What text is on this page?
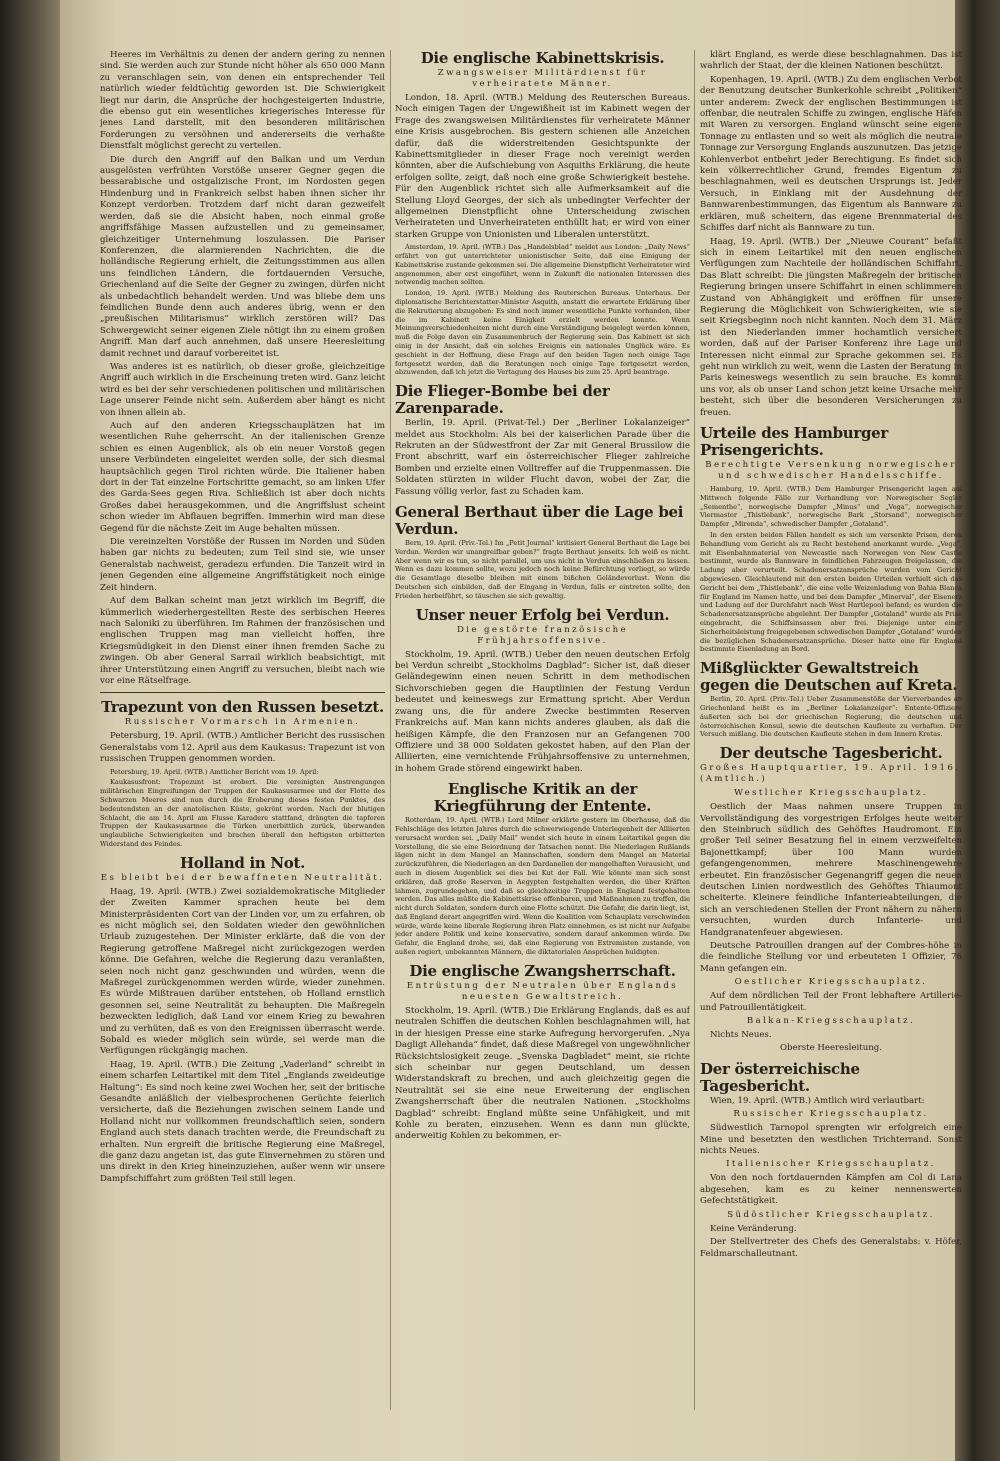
Heeres im Verhältnis zu denen der andern gering zu nennen sind. Sie werden auch zur Stunde nicht höher als 650 000 Mann zu veranschlagen sein, von denen ein entsprechender Teil natürlich wieder feldtüchtig geworden ist. Die Schwierigkeit liegt nur darin, die Ansprüche der hochgesteigerten Industrie, die ebenso gut ein wesentliches kriegerisches Interesse für jenes Land darstellt, mit den besonderen militärischen Forderungen zu versöhnen und andererseits die verhaßte Dienstfalt möglichst gerecht zu verteilen.

Die durch den Angriff auf den Balkan und um Verdun ausgelösten verfrühten Vorstöße unserer Gegner gegen die bessarabische und ostgalizische Front, im Nordosten gegen Hindenburg und in Frankreich selbst haben ihnen sicher ihr Konzept verdorben. Trotzdem darf nicht daran gezweifelt werden, daß sie die Absicht haben, noch einmal große angriffsfähige Massen aufzustellen und zu gemeinsamer, gleichzeitiger Unternehmung loszulassen. Die Pariser Konferenzen, die alarmierenden Nachrichten, die die holländische Regierung erhielt, die Zeitungsstimmen aus allen uns feindlichen Ländern, die fortdauernden Versuche, Griechenland auf die Seite der Gegner zu zwingen, dürfen nicht als unbedachtlich behandelt werden. Und was bliebe dem uns feindlichen Bunde denn auch anderes übrig, wenn er den „preußischen Militarismus“ wirklich zerstören will? Das Schwergewicht seiner eigenen Ziele nötigt ihn zu einem großen Angriff. Man darf auch annehmen, daß unsere Heeresleitung damit rechnet und darauf vorbereitet ist.

Was anderes ist es natürlich, ob dieser große, gleichzeitige Angriff auch wirklich in die Erscheinung treten wird. Ganz leicht wird es bei der sehr verschiedenen politischen und militärischen Lage unserer Feinde nicht sein. Außerdem aber hängt es nicht von ihnen allein ab.

Auch auf den anderen Kriegsschauplätzen hat im wesentlichen Ruhe geherrscht. An der italienischen Grenze schien es einen Augenblick, als ob ein neuer Vorstoß gegen unsere Verbündeten eingeleitet werden solle, der sich diesmal hauptsächlich gegen Tirol richten würde. Die Italiener haben dort in der Tat einzelne Fortschritte gemacht, so am linken Ufer des Garda-Sees gegen Riva. Schließlich ist aber doch nichts Großes dabei herausgekommen, und die Angriffslust scheint schon wieder im Abflauen begriffen. Immerhin wird man diese Gegend für die nächste Zeit im Auge behalten müssen.

Die vereinzelten Vorstöße der Russen im Norden und Süden haben gar nichts zu bedeuten; zum Teil sind sie, wie unser Generalstab nachweist, geradezu erfunden. Die Tanzeit wird in jenen Gegenden eine allgemeine Angriffstätigkeit noch einige Zeit hindern.

Auf dem Balkan scheint man jetzt wirklich im Begriff, die kümmerlich wiederhergestellten Reste des serbischen Heeres nach Saloniki zu überführen. Im Rahmen der französischen und englischen Truppen mag man vielleicht hoffen, ihre Kriegsmüdigkeit in den Dienst einer ihnen fremden Sache zu zwingen. Ob aber General Sarrail wirklich beabsichtigt, mit ihrer Unterstützung einen Angriff zu versuchen, bleibt nach wie vor eine Rätselfrage.

Trapezunt von den Russen besetzt.
Russischer Vormarsch in Armenien.

Petersburg, 19. April. (WTB.) Amtlicher Bericht des russischen Generalstabs vom 12. April aus dem Kaukasus: Trapezunt ist von russischen Truppen genommen worden.

Petersburg, 19. April. (WTB.) Amtlicher Bericht vom 19. April:

Kaukasusfront: Trapezunt ist erobert. Die vereinigten Anstrengungen militärischen Eingreifungen der Truppen der Kaukasusarmee und der Flotte des Schwarzen Meeres sind nun durch die Eroberung dieses festen Punktes, des bedeutendsten an der anatolischen Küste, gekrönt worden. Nach der blutigen Schlacht, die am 14. April am Flusse Karadere stattfand, drängten die tapferen Truppen der Kaukasusarmee die Türken unerbittlich zurück, überwanden unglaubliche Schwierigkeiten und brachen überall den heftigsten erbitterten Widerstand des Feindes.

Holland in Not.
Es bleibt bei der bewaffneten Neutralität.

Haag, 19. April. (WTB.) Zwei sozialdemokratische Mitglieder der Zweiten Kammer sprachen heute bei dem Ministerpräsidenten Cort van der Linden vor, um zu erfahren, ob es nicht möglich sei, den Soldaten wieder den gewöhnlichen Urlaub zuzugestehen. Der Minister erklärte, daß die von der Regierung getroffene Maßregel nicht zurückgezogen werden könne. Die Gefahren, welche die Regierung dazu veranlaßten, seien noch nicht ganz geschwunden und würden, wenn die Maßregel zurückgenommen werden würde, wieder zunehmen. Es würde Mißtrauen darüber entstehen, ob Holland ernstlich gesonnen sei, seine Neutralität zu behaupten. Die Maßregeln bezweckten lediglich, daß Land vor einem Krieg zu bewahren und zu verhüten, daß es von den Ereignissen überrascht werde. Sobald es wieder möglich sein würde, sei werde man die Verfügungen rückgängig machen.

Haag, 19. April. (WTB.) Die Zeitung „Vaderland“ schreibt in einem scharfen Leitartikel mit dem Titel „Englands zweideutige Haltung“: Es sind noch keine zwei Wochen her, seit der britische Gesandte anläßlich der vielbesprochenen Gerüchte feierlich versicherte, daß die Beziehungen zwischen seinem Lande und Holland nicht nur vollkommen freundschaftlich seien, sondern England auch stets danach trachten werde, die Freundschaft zu erhalten. Nun ergreift die britische Regierung eine Maßregel, die ganz dazu angetan ist, das gute Einvernehmen zu stören und uns direkt in den Krieg hineinzuziehen, außer wenn wir unsere Dampfschiffahrt zum größten Teil still legen.

Die englische Kabinettskrisis.
Zwangsweiser Militärdienst für verheiratete Männer.

London, 18. April. (WTB.) Meldung des Reuterschen Bureaus. Noch einigen Tagen der Ungewißheit ist im Kabinett wegen der Frage des zwangsweisen Militärdienstes für verheiratete Männer eine Krisis ausgebrochen. Bis gestern schienen alle Anzeichen dafür, daß die widerstreitenden Gesichtspunkte der Kabinettsmitglieder in dieser Frage noch vereinigt werden könnten, aber die Aufschiebung von Asquiths Erklärung, die heute erfolgen sollte, zeigt, daß noch eine große Schwierigkeit bestehe. Für den Augenblick richtet sich alle Aufmerksamkeit auf die Stellung Lloyd Georges, der sich als unbedingter Verfechter der allgemeinen Dienstpflicht ohne Unterscheidung zwischen Verheirateten und Unverheirateten enthüllt hat; er wird von einer starken Gruppe von Unionisten und Liberalen unterstützt.

Amsterdam, 19. April. (WTB.) Das „Handelsblad“ meldet aus London: „Daily News“ erfährt von gut unterrichteter unionistischer Seite, daß eine Einigung der Kabinettskrise zustande gekommen sei. Die allgemeine Dienstpflicht Verheirateter wird angenommen, aber erst eingeführt, wenn in Zukunft die nationalen Interessen dies notwendig machen sollten.

London, 19. April. (WTB.) Meldung des Reuterschen Bureaus. Unterhaus. Der diplomatische Berichterstatter-Minister Asquith, anstatt die erwartete Erklärung über die Rekrutierung abzugeben: Es sind noch immer wesentliche Punkte vorhanden, über die im Kabinett keine Einigkeit erzielt werden konnte. Wenn Meinungsverschiedenheiten nicht durch eine Verständigung beigelegt werden können, muß die Folge davon ein Zusammenbruch der Regierung sein. Das Kabinett ist sich einig in der Ansicht, daß ein solches Ereignis ein nationales Unglück wäre. Es geschieht in der Hoffnung, diese Frage auf den beiden Tagen noch einige Tage fortgesetzt werden, daß die Beratungen noch einige Tage fortgesetzt werden, abzuwenden, daß ich jetzt die Vertagung des Hauses bis zum 25. April beantrage.

Die Flieger-Bombe bei der Zarenparade.

Berlin, 19. April. (Privat-Tel.) Der „Berliner Lokalanzeiger“ meldet aus Stockholm: Als bei der kaiserlichen Parade über die Rekruten an der Südwestfront der Zar mit General Brussilow die Front abschritt, warf ein österreichischer Flieger zahlreiche Bomben und erzielte einen Volltreffer auf die Truppenmassen. Die Soldaten stürzten in wilder Flucht davon, wobei der Zar, die Fassung völlig verlor, fast zu Schaden kam.

General Berthaut über die Lage bei Verdun.

Bern, 19. April. (Priv.-Tel.) Im „Petit Journal“ kritisiert General Berthaut die Lage bei Verdun. Werden wir unangreifbar geben?“ fragte Berthaut jenseits. Ich weiß es nicht. Aber wenn wir es tun, so nicht parallel, um uns nicht in Verdun einschließen zu lassen. Wenn es dazu kommen sollte, wozu jedoch noch keine Befürchtung vorliegt, so würde die Gesamtlage dieselbe bleiben mit einem bißchen Geländeverlust. Wenn die Deutschen sich einbilden, daß der Eingang in Verdun, falls er eintreten sollte, den Frieden herbeiführt, so täuschen sie sich gewaltig.

Unser neuer Erfolg bei Verdun.
Die gestörte französische Frühjahrsoffensive.

Stockholm, 19. April. (WTB.) Ueber den neuen deutschen Erfolg bei Verdun schreibt „Stockholms Dagblad“: Sicher ist, daß dieser Geländegewinn einen neuen Schritt in dem methodischen Sichvorschieben gegen die Hauptlinien der Festung Verdun bedeutet und keineswegs zur Ermattung spricht. Aber Verdun zwang uns, die für andere Zwecke bestimmten Reserven Frankreichs auf. Man kann nichts anderes glauben, als daß die heißigen Kämpfe, die den Franzosen nur an Gefangenen 700 Offiziere und 38 000 Soldaten gekostet haben, auf den Plan der Alliierten, eine vernichtende Frühjahrsoffensive zu unternehmen, in hohem Grade störend eingewirkt haben.

Englische Kritik an der Kriegführung der Entente.

Rotterdam, 19. April. (WTB.) Lord Milner erklärte gestern im Oberhause, daß die Fehlschläge des letzten Jahres durch die schwerwiegende Unterlegenheit der Alliierten verursacht worden sei. „Daily Mail“ wendet sich heute in einem Leitartikel gegen die Vorstellung, die sie eine Beiordnung der Tatsachen nennt. Die Niederlagen Rußlands lägen nicht in dem Mangel an Mannschaften, sondern dem Mangel an Material zurückzuführen, die Niederlagen an den Dardanellen der mangelhaften Vorausicht, und auch in diesem Augenblick sei dies bei Kut der Fall. Wie könnte man sich sonst erklären, daß große Reserven in Aegypten festgehalten werden, die über Kräften lahmen, zugrundegehen, und daß so gleichzeitige Truppen in England festgehalten werden. Das alles müßte die Kabinettskrise offenbaren, und Maßnahmen zu treffen, die nicht durch Soldaten, sondern durch eine Flotte schützt. Die Gefahr, die darin liegt, ist, daß England derart angegriffen wird. Wenn die Koalition vom Schauplatz verschwinden würde, würde keine liberale Regierung ihren Platz einnehmen, es ist nicht nur Aufgabe jeder andere Politik und keine konservative, sondern darauf ankommen würde. Die Gefahr, die England drohe, sei, daß eine Regierung von Extremisten zustande, von außen regiert, unbekannten Männern, die diktatorialen Ansprüchen huldigten.

Die englische Zwangsherrschaft.
Entrüstung der Neutralen über Englands neuesten Gewaltstreich.

Stockholm, 19. April. (WTB.) Die Erklärung Englands, daß es auf neutralen Schiffen die deutschen Kohlen beschlagnahmen will, hat in der hiesigen Presse eine starke Aufregung hervorgerufen. „Nya Dagligt Allehanda“ findet, daß diese Maßregel von ungewöhnlicher Rücksichtslosigkeit zeuge. „Svenska Dagbladet“ meint, sie richte sich scheinbar nur gegen Deutschland, um dessen Widerstandskraft zu brechen, und auch gleichzeitig gegen die Neutralität sei sie eine neue Erweiterung der englischen Zwangsherrschaft über die neutralen Nationen. „Stockholms Dagblad“ schreibt: England müßte seine Unfähigkeit, und mit Kohle zu beraten, einzusehen. Wenn es dann nun glückte, anderweitig Kohlen zu bekommen, er-

klärt England, es werde diese beschlagnahmen. Das ist wahrlich der Staat, der die kleinen Nationen beschützt.

Kopenhagen, 19. April. (WTB.) Zu dem englischen Verbot der Benutzung deutscher Bunkerkohle schreibt „Politiken“ unter anderem: Zweck der englischen Bestimmungen ist offenbar, die neutralen Schiffe zu zwingen, englische Häfen mit Waren zu versorgen. England wünscht seine eigene Tonnage zu entlasten und so weit als möglich die neutrale Tonnage zur Versorgung Englands auszunutzen. Das jetzige Kohlenverbot entbehrt jeder Berechtigung. Es findet sich kein völkerrechtlicher Grund, fremdes Eigentum zu beschlagnahmen, weil es deutschen Ursprungs ist. Jeder Versuch, in Einklang mit der Ausdehnung der Bannwarenbestimmungen, das Eigentum als Bannware zu erklären, muß scheitern, das eigene Brennmaterial des Schiffes darf nicht als Bannware zu tun.

Haag, 19. April. (WTB.) Der „Nieuwe Courant“ befaßt sich in einem Leitartikel mit den neuen englischen Verfügungen zum Nachteile der holländischen Schiffahrt. Das Blatt schreibt: Die jüngsten Maßregeln der britischen Regierung bringen unsere Schiffahrt in einen schlimmeren Zustand von Abhängigkeit und eröffnen für unsere Regierung die Möglichkeit von Schwierigkeiten, wie sie seit Kriegsbeginn noch nicht kannten. Noch dem 31. März ist den Niederlanden immer hochamtlich versichert worden, daß auf der Pariser Konferenz ihre Lage und Interessen nicht einmal zur Sprache gekommen sei. Es geht nun wirklich zu weit, wenn die Lasten der Beratung in Paris keineswegs wesentlich zu sein brauche. Es kommt uns vor, als ob unser Land schon jetzt keine Ursache mehr besteht, sich über die besonderen Versicherungen zu freuen.

Urteile des Hamburger Prisengerichts.
Berechtigte Versenkung norwegischer und schwedischer Handelsschiffe.

Hamburg, 19. April. (WTB.) Dem Hamburger Prisengericht lagen am Mittwoch folgende Fälle zur Verhandlung vor: Norwegischer Segler „Sementhe“, norwegische Dampfer „Minus“ und „Vega“, norwegischer Viermaster „Thistlebank“, norwegische Bark „Storsand“, norwegischer Dampfer „Mirenda“, schwedischer Dampfer „Gotaland“.

In den ersten beiden Fällen handelt es sich um versenkte Prisen, deren Behandlung vom Gericht als zu Recht bestehend anerkannt wurde. „Vega“, mit Eisenbahnmaterial von Newcastle nach Norwegen von New Castle bestimmt, wurde als Bannware in feindlichen Fahrzeugen freigelassen, die Ladung aber verurteilt. Schadenersatzansprüche wurden vom Gericht abgewiesen. Gleichlautend mit den ersten beiden Urteilen verhielt sich das Gericht bei dem „Thistlebank“, die eine volle Weizenladung von Bahia Blanca für England im Namen hatte, und bei dem Dampfer „Minerval“, der Eisenerz und Ladung auf der Durchfahrt nach West Hartlepool befand; es wurden die Schadenersatzansprüche abgelehnt. Der Dampfer „Gotaland“ wurde als Prise eingebracht, die Schiffsinsassen aber frei. Diejenige unter einer Sicherheitsleistung freigegebenen schwedischen Dampfer „Gotaland“ wurden die bezüglichen Schadenersatzansprüche. Dieser hatte eine für England bestimmte Eisenladung an Bord.

Mißglückter Gewaltstreich gegen die Deutschen auf Kreta.

Berlin, 20. April. (Priv.-Tel.) Ueber Zusammenstöße der Vierverbandes an Griechenland heißt es im „Berliner Lokalanzeiger“: Entente-Offiziere äußerten sich bei der griechischen Regierung, die deutschen und österreichischen Konsul, sowie die deutschen Kaufleute zu verhaften. Der Versuch mißlang. Die deutschen Kaufleute stehen in dem Innern Kretas.

Der deutsche Tagesbericht.
Großes Hauptquartier, 19. April. 1916. (Amtlich.)
Westlicher Kriegsschauplatz.

Oestlich der Maas nahmen unsere Truppen in Vervollständigung des vorgestrigen Erfolges heute weiter den Steinbruch südlich des Gehöftes Haudromont. Ein großer Teil seiner Besatzung fiel in einem verzweifelten Bajonettkampf; über 100 Mann wurden gefangengenommen, mehrere Maschinengewehre erbeutet. Ein französischer Gegenangriff gegen die neuen deutschen Linien nordwestlich des Gehöftes Thiaumont scheiterte. Kleinere feindliche Infanterieabteilungen, die sich an verschiedenen Stellen der Front nähern zu nähern versuchten, wurden durch Infanterie- und Handgranatenfeuer abgewiesen.

Deutsche Patrouillen drangen auf der Combres-höhe in die feindliche Stellung vor und erbeuteten 1 Offizier, 76 Mann gefangen ein.

Oestlicher Kriegsschauplatz.

Auf dem nördlichen Teil der Front lebhaftere Artillerie- und Patrouillentätigkeit.

Balkan-Kriegsschauplatz.

Nichts Neues.

Oberste Heeresleitung.

Der österreichische Tagesbericht.

Wien, 19. April. (WTB.) Amtlich wird verlautbart:

Russischer Kriegsschauplatz.

Südwestlich Tarnopol sprengten wir erfolgreich eine Mine und besetzten den westlichen Trichterrand. Sonst nichts Neues.

Italienischer Kriegsschauplatz.

Von den noch fortdauernden Kämpfen am Col di Lana abgesehen, kam es zu keiner nennenswerten Gefechtstätigkeit.

Südöstlicher Kriegsschauplatz.

Keine Veränderung.

Der Stellvertreter des Chefs des Generalstabs: v. Höfer, Feldmarschalleutnant.
